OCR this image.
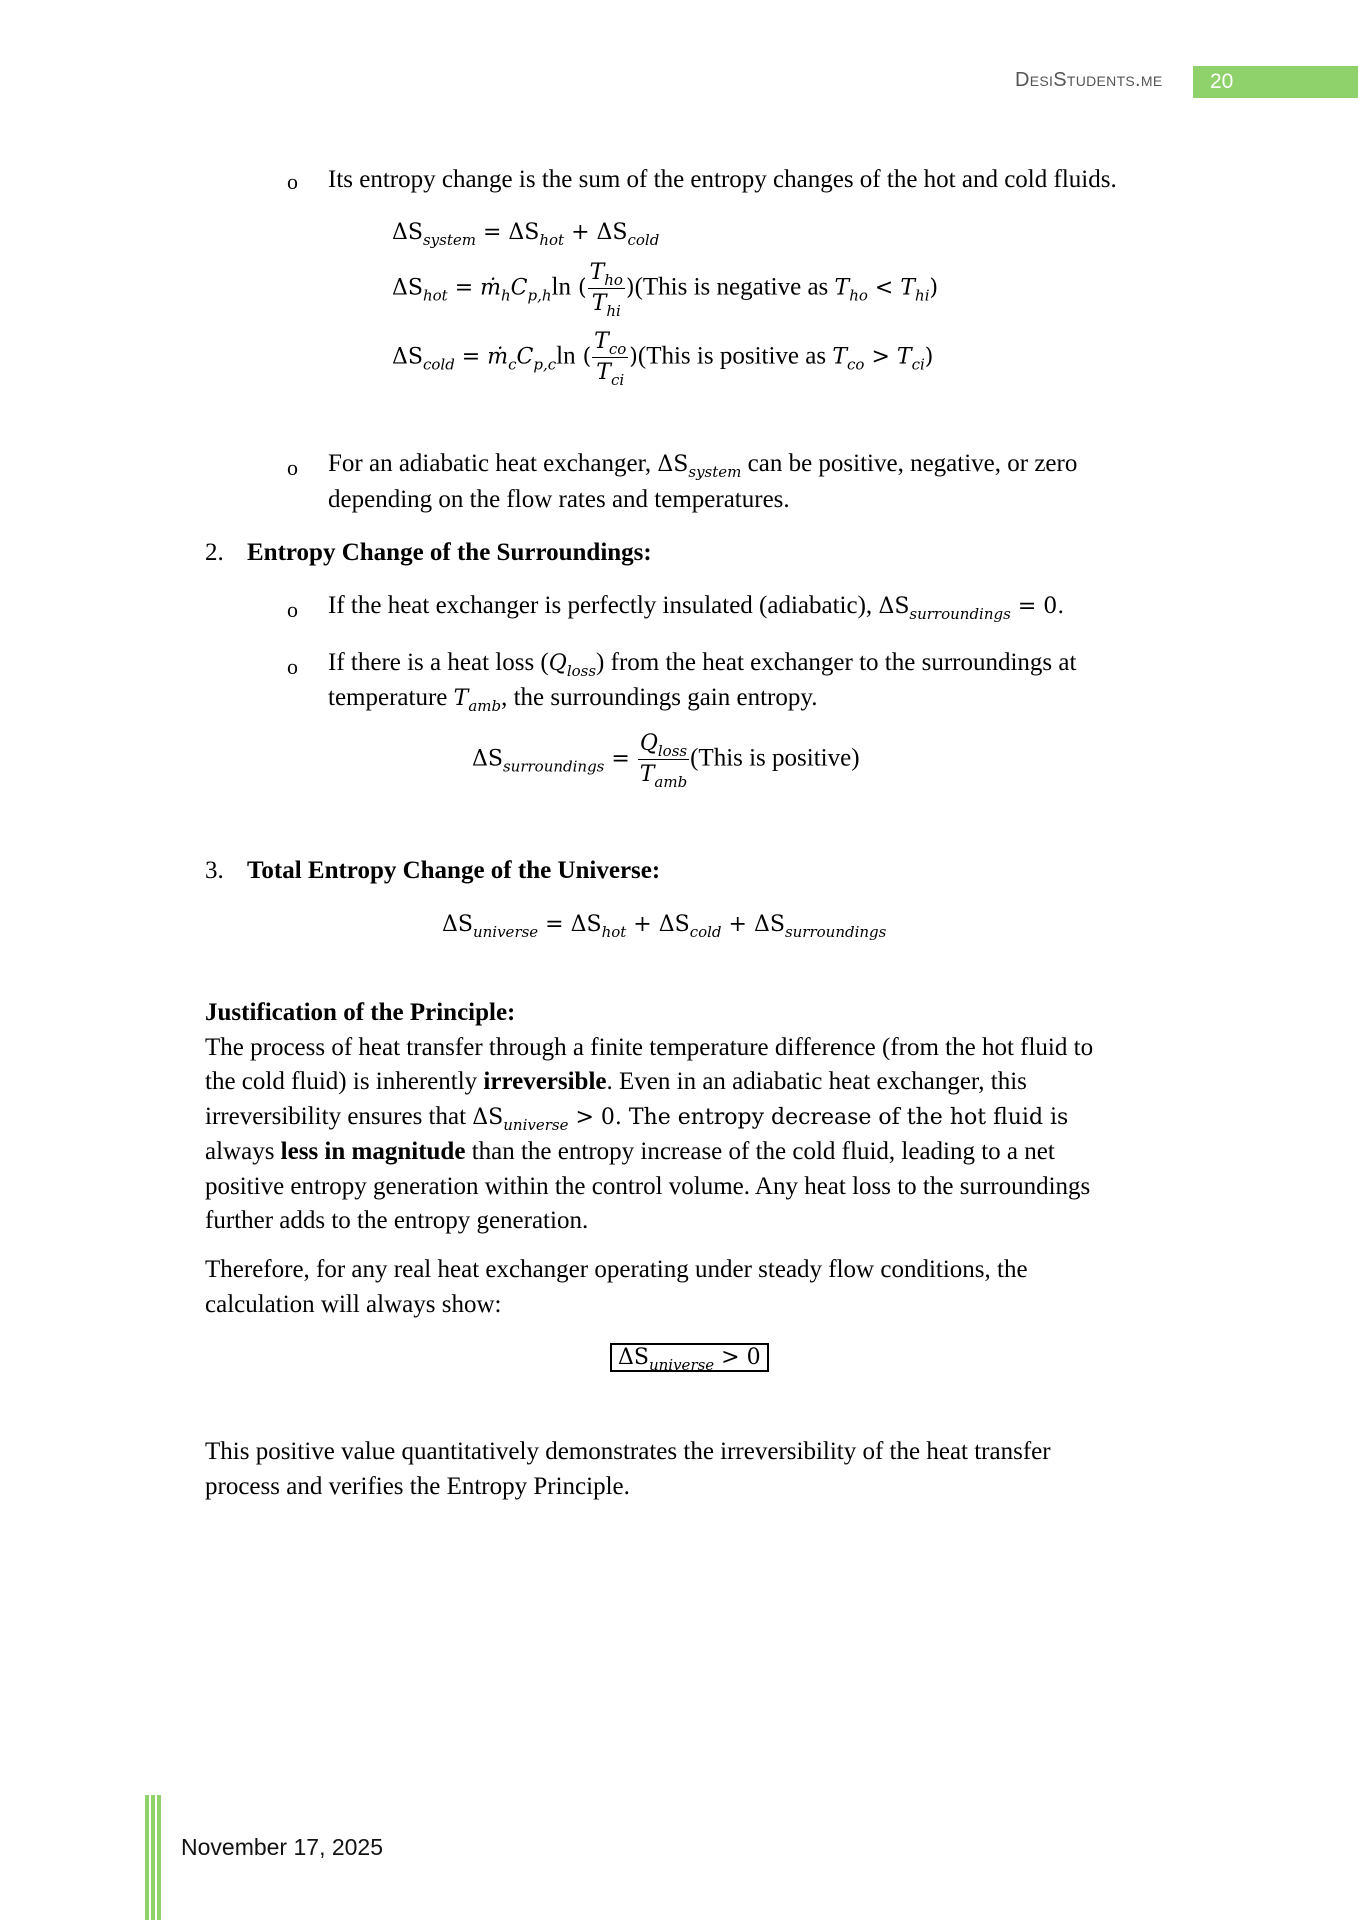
DesiStudents.me	20
o Its entropy change is the sum of the entropy changes of the hot and cold fluids.
$\Delta S_{system} = \Delta S_{hot} + \Delta S_{cold}$
$\Delta S_{hot}$ = $ṁ_hC_{p,h}\ln$ ( $\frac{T_{ho}}{T_{hi}}$ )(This is negative as $T_{ho} < T_{hi}$)
$\Delta S_{cold}$ = $ṁ_cC_{p,c}\ln$ ( $\frac{T_{co}}{T_{ci}}$ )(This is positive as $T_{co} > T_{ci}$)
o For an adiabatic heat exchanger, $\Delta S_{system}$ can be positive, negative, or zero
depending on the flow rates and temperatures.
2. Entropy Change of the Surroundings:
o If the heat exchanger is perfectly insulated (adiabatic), $\Delta S_{surroundings} = 0$.
o If there is a heat loss $(Q_{loss})$ from the heat exchanger to the surroundings at
temperature $T_{amb}$, the surroundings gain entropy.
$\Delta S_{surroundings} = \frac{Q_{loss}}{T_{amb}}$ (This is positive)
3. Total Entropy Change of the Universe:
$\Delta S_{universe} = \Delta S_{hot} + \Delta S_{cold} + \Delta S_{surroundings}$
Justification of the Principle:
The process of heat transfer through a finite temperature difference (from the hot fluid to
the cold fluid) is inherently irreversible. Even in an adiabatic heat exchanger, this
irreversibility ensures that $\Delta S_{universe} > 0$. The entropy decrease of the hot fluid is
always less in magnitude than the entropy increase of the cold fluid, leading to a net
positive entropy generation within the control volume. Any heat loss to the surroundings
further adds to the entropy generation.
Therefore, for any real heat exchanger operating under steady flow conditions, the
calculation will always show:
$\Delta S_{universe} > 0$
This positive value quantitatively demonstrates the irreversibility of the heat transfer
process and verifies the Entropy Principle.
November 17, 2025
